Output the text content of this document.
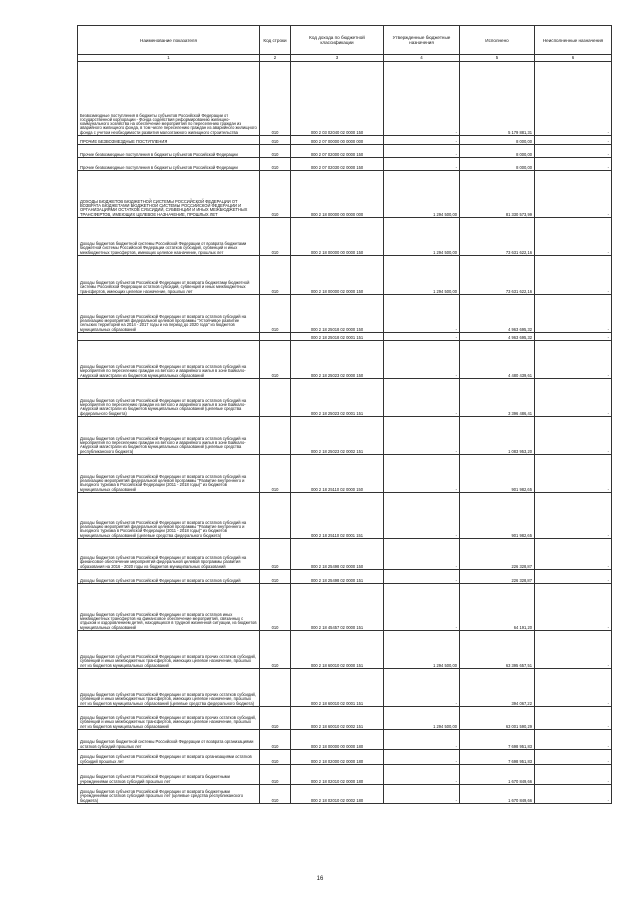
Наименование показателя	Код строки	Код дохода по бюджетной классификации	Утвержденные бюджетные назначения	Исполнено	Неисполненные назначения
1	2	3	4	5	6
Безвозмездные поступления в бюджеты субъектов Российской Федерации от государственной корпорации - Фонда содействия реформированию жилищно-коммунального хозяйства на обеспечение мероприятий по переселению граждан из аварийного жилищного фонда, в том числе переселению граждан из аварийного жилищного фонда с учетом необходимости развития малоэтажного жилищного строительства	010	000 2 03 02040 02 0000 150	-	5 179 881,31	-
ПРОЧИЕ БЕЗВОЗМЕЗДНЫЕ ПОСТУПЛЕНИЯ	010	000 2 07 00000 00 0000 000	-	8 000,00	-
Прочие безвозмездные поступления в бюджеты субъектов Российской Федерации	010	000 2 07 02000 02 0000 150	-	8 000,00	-
Прочие безвозмездные поступления в бюджеты субъектов Российской Федерации	010	000 2 07 02030 02 0000 150	-	8 000,00	-
ДОХОДЫ БЮДЖЕТОВ БЮДЖЕТНОЙ СИСТЕМЫ РОССИЙСКОЙ ФЕДЕРАЦИИ ОТ ВОЗВРАТА БЮДЖЕТАМИ БЮДЖЕТНОЙ СИСТЕМЫ РОССИЙСКОЙ ФЕДЕРАЦИИ И ОРГАНИЗАЦИЯМИ ОСТАТКОВ СУБСИДИЙ, СУБВЕНЦИЙ И ИНЫХ МЕЖБЮДЖЕТНЫХ ТРАНСФЕРТОВ, ИМЕЮЩИХ ЦЕЛЕВОЕ НАЗНАЧЕНИЕ, ПРОШЛЫХ ЛЕТ	010	000 2 18 00000 00 0000 000	1 294 500,00	81 330 573,99	-
Доходы бюджетов бюджетной системы Российской Федерации от возврата бюджетами бюджетной системы Российской Федерации остатков субсидий, субвенций и иных межбюджетных трансфертов, имеющих целевое назначение, прошлых лет	010	000 2 18 00000 00 0000 150	1 294 500,00	73 631 622,16	-
Доходы бюджетов субъектов Российской Федерации от возврата бюджетами бюджетной системы Российской Федерации остатков субсидий, субвенций и иных межбюджетных трансфертов, имеющих целевое назначение, прошлых лет	010	000 2 18 00000 02 0000 150	1 294 500,00	73 631 622,16	-
Доходы бюджетов субъектов Российской Федерации от возврата остатков субсидий на реализацию мероприятий федеральной целевой программы "Устойчивое развитие сельских территорий на 2014 - 2017 годы и на период до 2020 года" из бюджетов муниципальных образований	010	000 2 18 25018 02 0000 150	-	4 963 695,32	-
		000 2 18 25018 02 0001 151	-	4 963 695,32	-
Доходы бюджетов субъектов Российской Федерации от возврата остатков субсидий на мероприятия по переселению граждан из ветхого и аварийного жилья в зоне Байкало-Амурской магистрали из бюджетов муниципальных образований	010	000 2 18 25023 02 0000 150	-	4 480 439,61	-
Доходы бюджетов субъектов Российской Федерации от возврата остатков субсидий на мероприятия по переселению граждан из ветхого и аварийного жилья в зоне Байкало-Амурской магистрали из бюджетов муниципальных образований (целевые средства федерального бюджета)		000 2 18 25023 02 0001 151	-	3 396 486,41	-
Доходы бюджетов субъектов Российской Федерации от возврата остатков субсидий на мероприятия по переселению граждан из ветхого и аварийного жилья в зоне Байкало-Амурской магистрали из бюджетов муниципальных образований (целевые средства республиканского бюджета)		000 2 18 25023 02 0002 151	-	1 083 953,20	-
Доходы бюджетов субъектов Российской Федерации от возврата остатков субсидий на реализацию мероприятий федеральной целевой программы "Развитие внутреннего и въездного туризма в Российской Федерации (2011 - 2018 годы)" из бюджетов муниципальных образований	010	000 2 18 25110 02 0000 150	-	901 982,65	-
Доходы бюджетов субъектов Российской Федерации от возврата остатков субсидий на реализацию мероприятий федеральной целевой программы "Развитие внутреннего и въездного туризма в Российской Федерации (2011 - 2018 годы)" из бюджетов муниципальных образований (целевые средства федерального бюджета)		000 2 18 25110 02 0001 151	-	901 982,65	-
Доходы бюджетов субъектов Российской Федерации от возврата остатков субсидий на финансовое обеспечение мероприятий федеральной целевой программы развития образования на 2016 - 2020 годы из бюджетов муниципальных образований	010	000 2 18 25498 02 0000 150	-	226 328,87	-
Доходы бюджетов субъектов Российской Федерации от возврата остатков субсидий	010	000 2 18 25498 02 0000 151	-	226 328,87	-
Доходы бюджетов субъектов Российской Федерации от возврата остатков иных межбюджетных трансфертов на финансовое обеспечение мероприятий, связанных с отдыхом и оздоровлением детей, находящихся в трудной жизненной ситуации, из бюджетов муниципальных образований	010	000 2 18 45457 02 0000 151	-	64 191,20	-
Доходы бюджетов субъектов Российской Федерации от возврата прочих остатков субсидий, субвенций и иных межбюджетных трансфертов, имеющих целевое назначение, прошлых лет из бюджетов муниципальных образований	010	000 2 18 60010 02 0000 151	1 294 500,00	63 395 657,51	-
Доходы бюджетов субъектов Российской Федерации от возврата прочих остатков субсидий, субвенций и иных межбюджетных трансфертов, имеющих целевое назначение, прошлых лет из бюджетов муниципальных образований (целевые средства федерального бюджета)		000 2 18 60010 02 0001 151	-	394 067,22	-
Доходы бюджетов субъектов Российской Федерации от возврата прочих остатков субсидий, субвенций и иных межбюджетных трансфертов, имеющих целевое назначение, прошлых лет из бюджетов муниципальных образований	010	000 2 18 60010 02 0002 151	1 294 500,00	63 001 590,29	-
Доходы бюджетов бюджетной системы Российской Федерации от возврата организациями остатков субсидий прошлых лет	010	000 2 18 00000 00 0000 180	-	7 698 951,83	-
Доходы бюджетов субъектов Российской Федерации от возврата организациями остатков субсидий прошлых лет	010	000 2 18 02000 02 0000 180	-	7 698 951,83	-
Доходы бюджетов субъектов Российской Федерации от возврата бюджетными учреждениями остатков субсидий прошлых лет	010	000 2 18 02010 02 0000 180	-	1 670 849,66	-
Доходы бюджетов субъектов Российской Федерации от возврата бюджетными учреждениями остатков субсидий прошлых лет (целевые средства республиканского бюджета)	010	000 2 18 02010 02 0002 180	-	1 670 849,66	-
16
